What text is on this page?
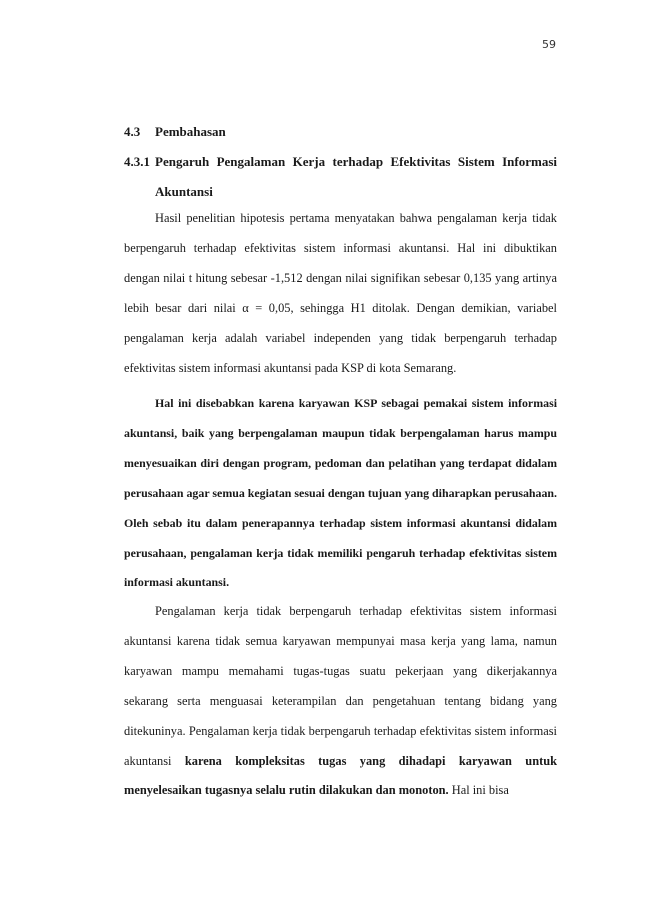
59
4.3 Pembahasan
4.3.1 Pengaruh Pengalaman Kerja terhadap Efektivitas Sistem Informasi
Akuntansi

Hasil penelitian hipotesis pertama menyatakan bahwa pengalaman kerja tidak berpengaruh terhadap efektivitas sistem informasi akuntansi. Hal ini dibuktikan dengan nilai t hitung sebesar -1,512 dengan nilai signifikan sebesar 0,135 yang artinya lebih besar dari nilai α = 0,05, sehingga H1 ditolak. Dengan demikian, variabel pengalaman kerja adalah variabel independen yang tidak berpengaruh terhadap efektivitas sistem informasi akuntansi pada KSP di kota Semarang.

Hal ini disebabkan karena karyawan KSP sebagai pemakai sistem informasi akuntansi, baik yang berpengalaman maupun tidak berpengalaman harus mampu menyesuaikan diri dengan program, pedoman dan pelatihan yang terdapat didalam perusahaan agar semua kegiatan sesuai dengan tujuan yang diharapkan perusahaan. Oleh sebab itu dalam penerapannya terhadap sistem informasi akuntansi didalam perusahaan, pengalaman kerja tidak memiliki pengaruh terhadap efektivitas sistem informasi akuntansi.

Pengalaman kerja tidak berpengaruh terhadap efektivitas sistem informasi akuntansi karena tidak semua karyawan mempunyai masa kerja yang lama, namun karyawan mampu memahami tugas-tugas suatu pekerjaan yang dikerjakannya sekarang serta menguasai keterampilan dan pengetahuan tentang bidang yang ditekuninya. Pengalaman kerja tidak berpengaruh terhadap efektivitas sistem informasi akuntansi karena kompleksitas tugas yang dihadapi karyawan untuk menyelesaikan tugasnya selalu rutin dilakukan dan monoton. Hal ini bisa
